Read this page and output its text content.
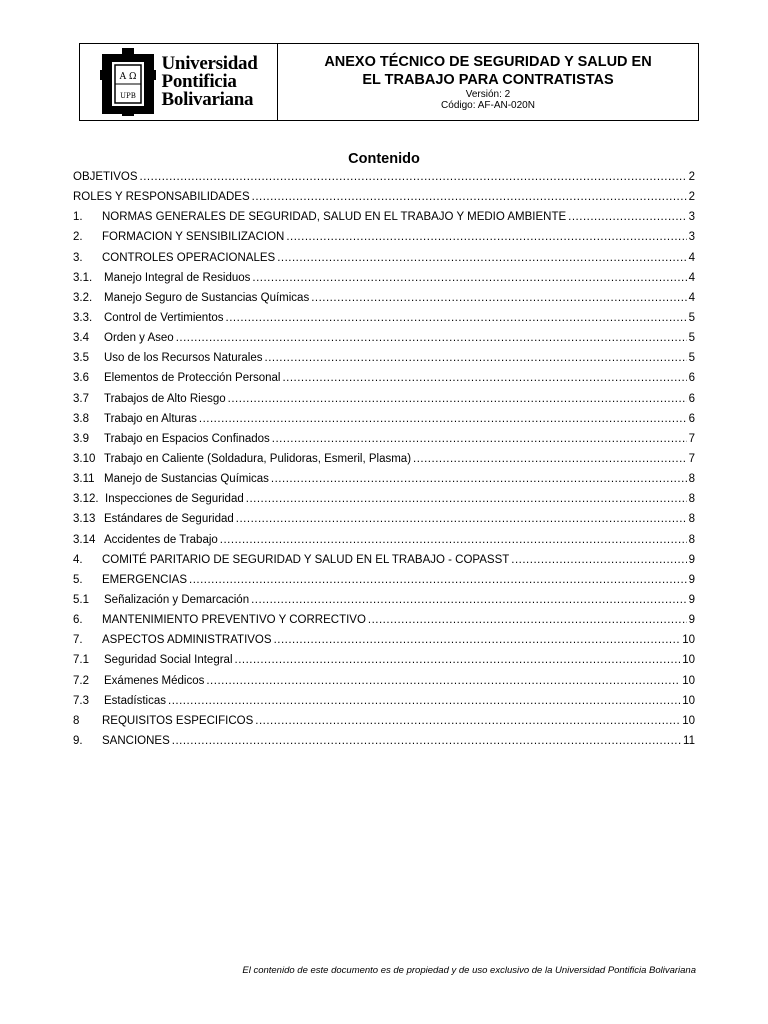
A Ω
UPB
Universidad
Pontificia
Bolivariana
ANEXO TÉCNICO DE SEGURIDAD Y SALUD EN
EL TRABAJO PARA CONTRATISTAS
Versión: 2
Código: AF-AN-020N
Contenido
OBJETIVOS .....	2
ROLES Y RESPONSABILIDADES .....	2
1.	NORMAS GENERALES DE SEGURIDAD, SALUD EN EL TRABAJO Y MEDIO AMBIENTE .....	3
2.	FORMACION Y SENSIBILIZACION .....	3
3.	CONTROLES OPERACIONALES .....	4
3.1.	Manejo Integral de Residuos .....	4
3.2.	Manejo Seguro de Sustancias Químicas .....	4
3.3.	Control de Vertimientos .....	5
3.4	Orden y Aseo .....	5
3.5	Uso de los Recursos Naturales .....	5
3.6	Elementos de Protección Personal .....	6
3.7	Trabajos de Alto Riesgo .....	6
3.8	Trabajo en Alturas .....	6
3.9	Trabajo en Espacios Confinados .....	7
3.10 Trabajo en Caliente (Soldadura, Pulidoras, Esmeril, Plasma) .....	7
3.11 Manejo de Sustancias Químicas .....	8
3.12. Inspecciones de Seguridad .....	8
3.13 Estándares de Seguridad .....	8
3.14 Accidentes de Trabajo .....	8
4.	COMITÉ PARITARIO DE SEGURIDAD Y SALUD EN EL TRABAJO - COPASST .....	9
5.	EMERGENCIAS .....	9
5.1	Señalización y Demarcación .....	9
6.	MANTENIMIENTO PREVENTIVO Y CORRECTIVO .....	9
7.	ASPECTOS ADMINISTRATIVOS .....	10
7.1	Seguridad Social Integral .....	10
7.2	Exámenes Médicos .....	10
7.3	Estadísticas .....	10
8	REQUISITOS ESPECIFICOS .....	10
9.	SANCIONES .....	11
El contenido de este documento es de propiedad y de uso exclusivo de la Universidad Pontificia Bolivariana
